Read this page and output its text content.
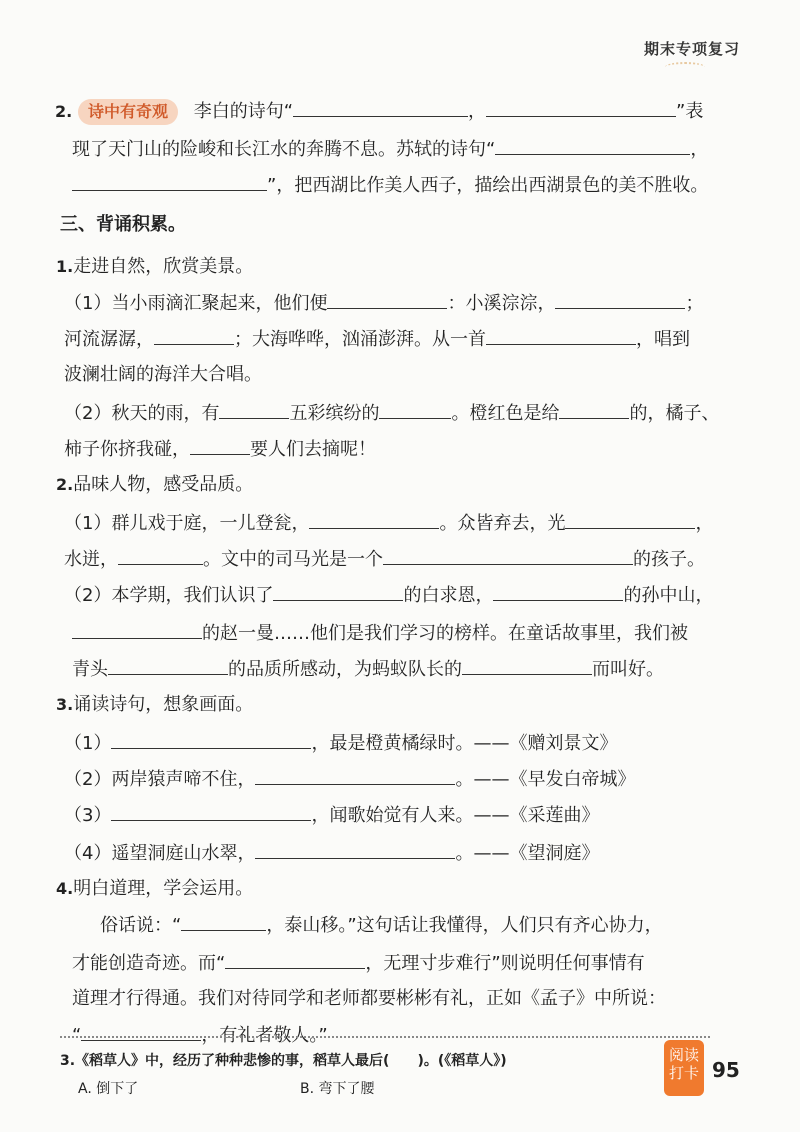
期末专项复习
2. 诗中有奇观 李白的诗句“	，	”表
现了天门山的险峻和长江水的奔腾不息。苏轼的诗句“	，
”，把西湖比作美人西子，描绘出西湖景色的美不胜收。
三、背诵积累。
1.走进自然，欣赏美景。
（1）当小雨滴汇聚起来，他们便	：小溪淙淙，	；
河流潺潺，	；大海哗哗，汹涌澎湃。从一首	，唱到
波澜壮阔的海洋大合唱。
（2）秋天的雨，有	五彩缤纷的	。橙红色是给	的，橘子、
柿子你挤我碰，	要人们去摘呢！
2.品味人物，感受品质。
（1）群儿戏于庭，一儿登瓮，	。众皆弃去，光	，
水迸，	。文中的司马光是一个	的孩子。
（2）本学期，我们认识了	的白求恩，	的孙中山，
的赵一曼……他们是我们学习的榜样。在童话故事里，我们被
青头	的品质所感动，为蚂蚁队长的	而叫好。
3.诵读诗句，想象画面。
（1）	，最是橙黄橘绿时。——《赠刘景文》
（2）两岸猿声啼不住，	。——《早发白帝城》
（3）	，闻歌始觉有人来。——《采莲曲》
（4）遥望洞庭山水翠，	。——《望洞庭》
4.明白道理，学会运用。
俗话说：“	，泰山移。”这句话让我懂得，人们只有齐心协力，
才能创造奇迹。而“	，无理寸步难行”则说明任何事情有
道理才行得通。我们对待同学和老师都要彬彬有礼，正如《孟子》中所说：
“	，有礼者敬人。”
3.《稻草人》中，经历了种种悲惨的事，稻草人最后(　　)。(《稻草人》)
A. 倒下了	B. 弯下了腰
阅读
打卡 95
